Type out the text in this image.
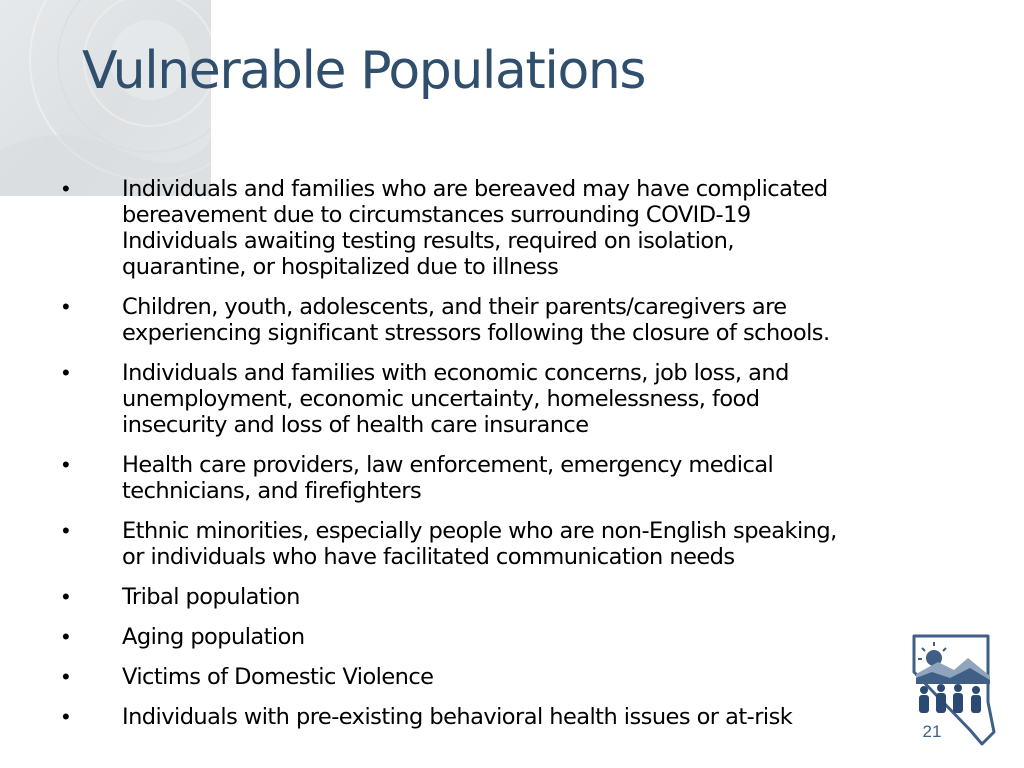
Vulnerable Populations
• Individuals and families who are bereaved may have complicated
bereavement due to circumstances surrounding COVID-19
Individuals awaiting testing results, required on isolation,
quarantine, or hospitalized due to illness
• Children, youth, adolescents, and their parents/caregivers are
experiencing significant stressors following the closure of schools.
• Individuals and families with economic concerns, job loss, and
unemployment, economic uncertainty, homelessness, food
insecurity and loss of health care insurance
• Health care providers, law enforcement, emergency medical
technicians, and firefighters
• Ethnic minorities, especially people who are non-English speaking,
or individuals who have facilitated communication needs
• Tribal population
• Aging population
• Victims of Domestic Violence
• Individuals with pre-existing behavioral health issues or at-risk
21
